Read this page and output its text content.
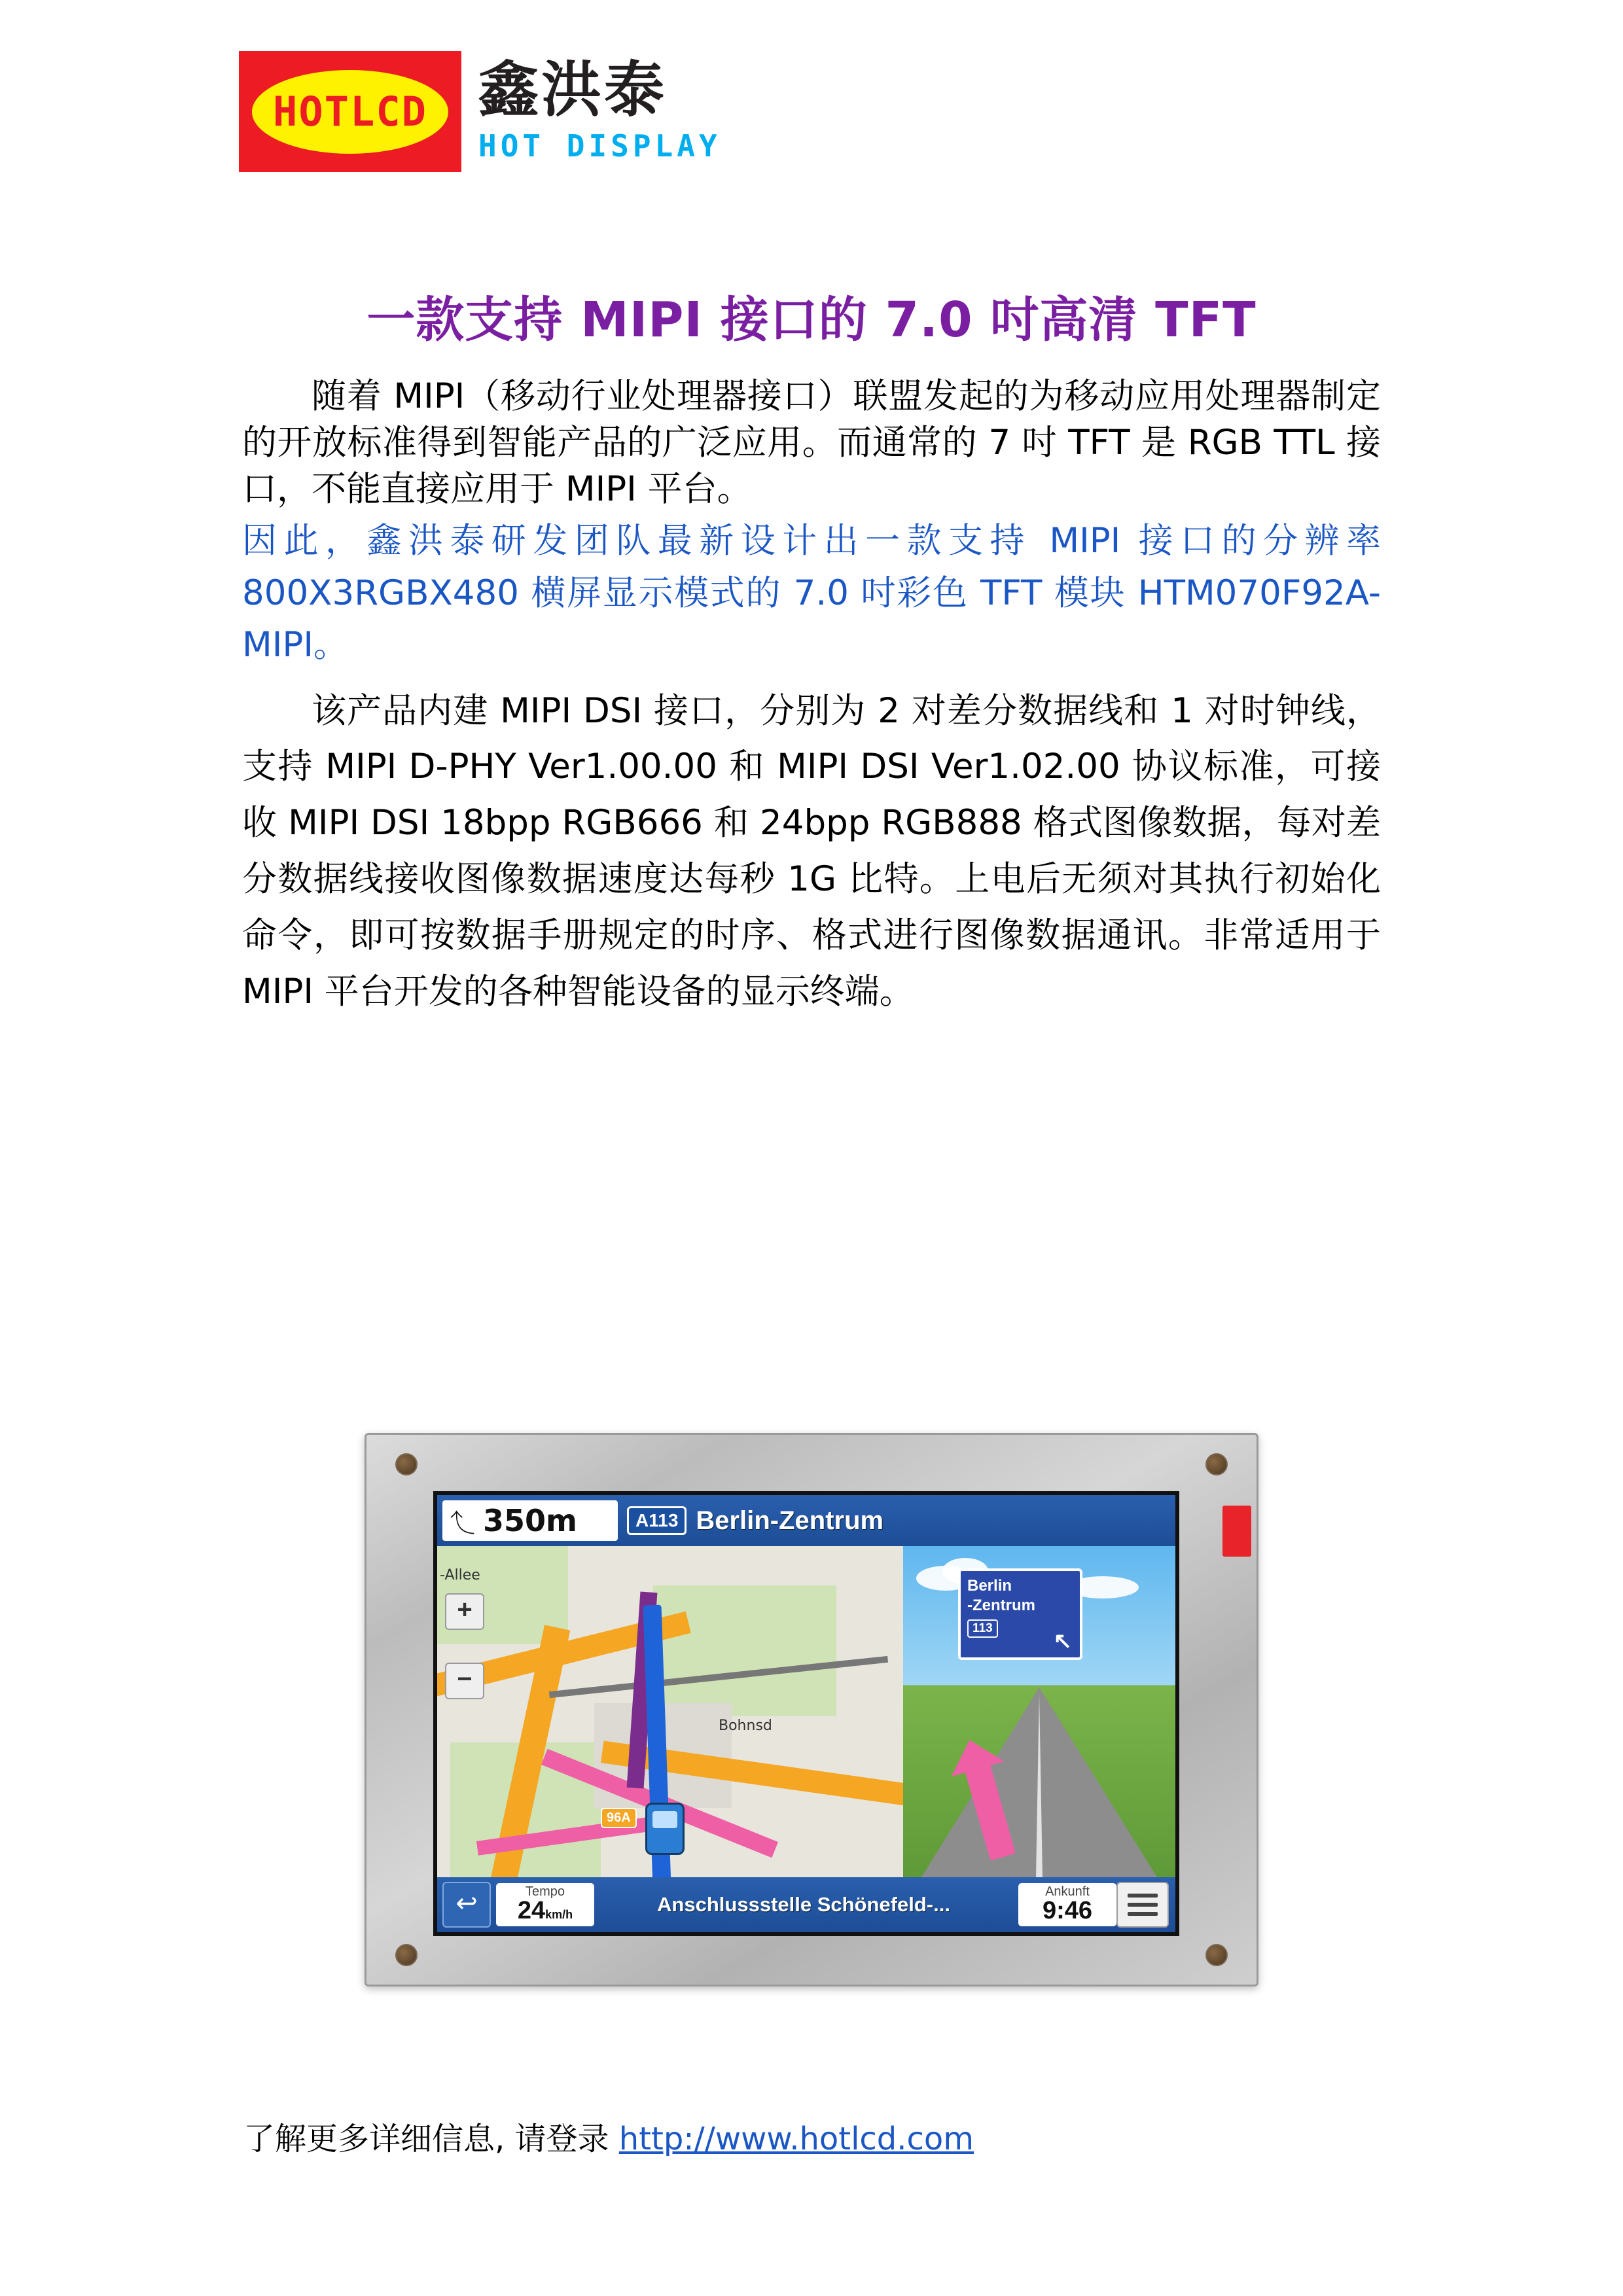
HOTLCD 鑫洪泰
HOT DISPLAY
一款支持 MIPI 接口的 7.0 吋高清 TFT

随着 MIPI（移动行业处理器接口）联盟发起的为移动应用处理器制定的开放标准得到智能产品的广泛应用。而通常的 7 吋 TFT 是 RGB TTL 接口，不能直接应用于 MIPI 平台。

因此，鑫洪泰研发团队最新设计出一款支持 MIPI 接口的分辨率 800X3RGBX480 横屏显示模式的 7.0 吋彩色 TFT 模块 HTM070F92A-MIPI。

该产品内建 MIPI DSI 接口，分别为 2 对差分数据线和 1 对时钟线，支持 MIPI D-PHY Ver1.00.00 和 MIPI DSI Ver1.02.00 协议标准，可接收 MIPI DSI 18bpp RGB666 和 24bpp RGB888 格式图像数据，每对差分数据线接收图像数据速度达每秒 1G 比特。上电后无须对其执行初始化命令，即可按数据手册规定的时序、格式进行图像数据通讯。非常适用于 MIPI 平台开发的各种智能设备的显示终端。

⤴ 350 m	A113 Berlin-Zentrum
-Allee
Bohnsd
96A
+
−
Berlin
-Zentrum
113
↖
↩	Tempo
24km/h	Anschlussstelle Schönefeld-...
Ankunft
9:46
了解更多详细信息, 请登录 http://www.hotlcd.com
